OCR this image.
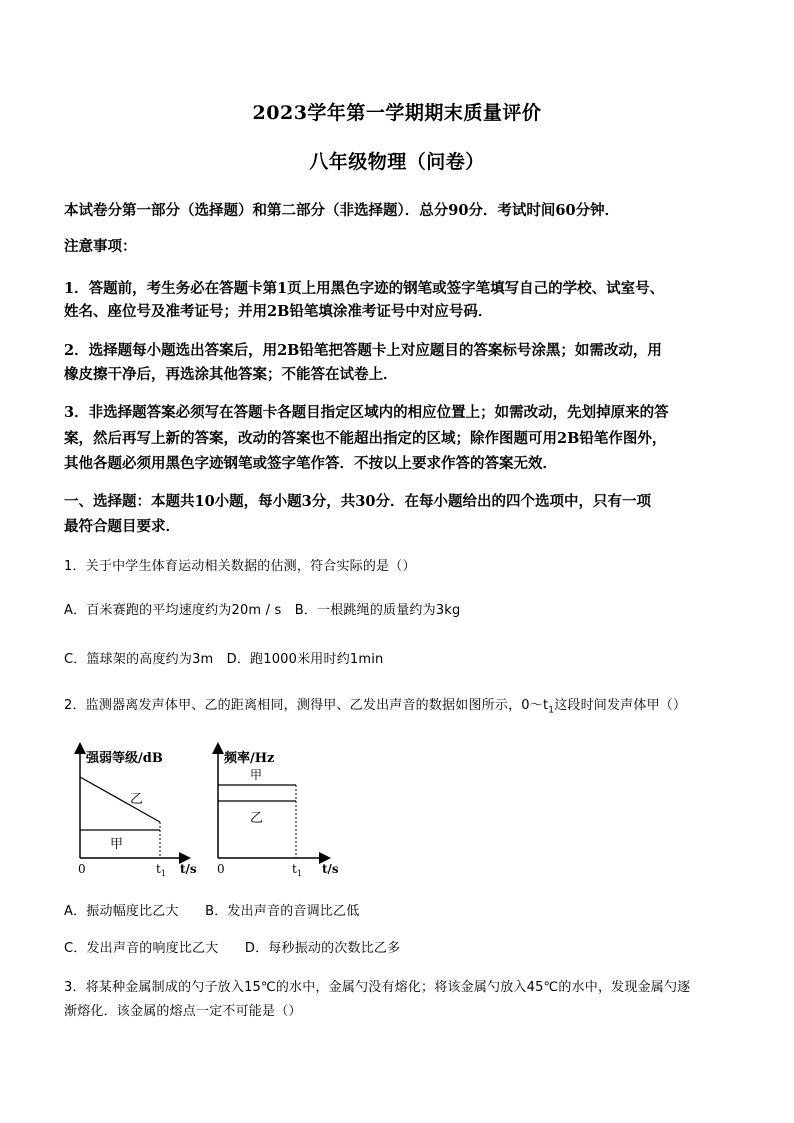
2023学年第一学期期末质量评价
八年级物理（问卷）
本试卷分第一部分（选择题）和第二部分（非选择题）．总分90分．考试时间60分钟．
注意事项：
1．答题前，考生务必在答题卡第1页上用黑色字迹的钢笔或签字笔填写自己的学校、试室号、
姓名、座位号及准考证号；并用2B铅笔填涂准考证号中对应号码．
2．选择题每小题选出答案后，用2B铅笔把答题卡上对应题目的答案标号涂黑；如需改动，用
橡皮擦干净后，再选涂其他答案；不能答在试卷上．
3．非选择题答案必须写在答题卡各题目指定区域内的相应位置上；如需改动，先划掉原来的答
案，然后再写上新的答案，改动的答案也不能超出指定的区域；除作图题可用2B铅笔作图外，
其他各题必须用黑色字迹钢笔或签字笔作答．不按以上要求作答的答案无效．
一、选择题：本题共10小题，每小题3分，共30分．在每小题给出的四个选项中，只有一项
最符合题目要求．
1．关于中学生体育运动相关数据的估测，符合实际的是（）
A．百米赛跑的平均速度约为20m / s　B．一根跳绳的质量约为3kg
C．篮球架的高度约为3m　D．跑1000米用时约1min
2．监测器离发声体甲、乙的距离相同，测得甲、乙发出声音的数据如图所示，$0\sim t_1$这段时间发声体甲（）
强弱等级/dB
乙
甲
0	$t_1$ t/s
频率/Hz
甲
乙
0	$t_1$ t/s
A．振动幅度比乙大　　B．发出声音的音调比乙低
C．发出声音的响度比乙大　　D．每秒振动的次数比乙多
3．将某种金属制成的勺子放入15℃的水中，金属勺没有熔化；将该金属勺放入45℃的水中，发现金属勺逐
渐熔化．该金属的熔点一定不可能是（）
